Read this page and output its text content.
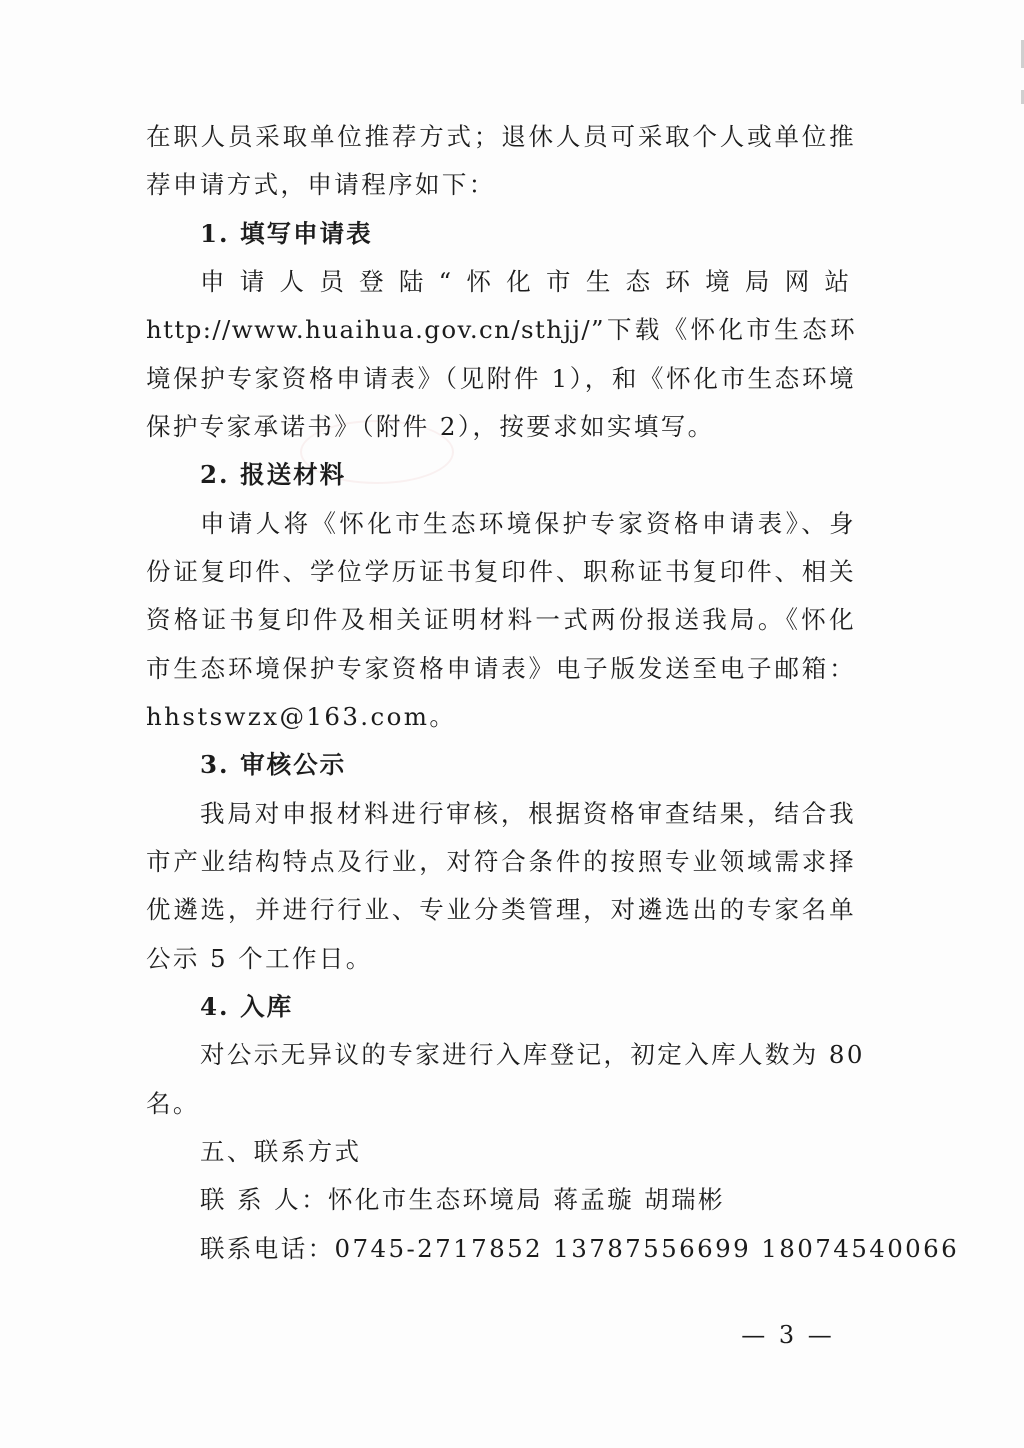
在职人员采取单位推荐方式；退休人员可采取个人或单位推
荐申请方式，申请程序如下：
1. 填写申请表
申请人员登陆“怀化市生态环境局网站
http://www.huaihua.gov.cn/sthjj/”下载《怀化市生态环
境保护专家资格申请表》（见附件 1），和《怀化市生态环境
保护专家承诺书》（附件 2），按要求如实填写。
2. 报送材料
申请人将《怀化市生态环境保护专家资格申请表》、身
份证复印件、学位学历证书复印件、职称证书复印件、相关
资格证书复印件及相关证明材料一式两份报送我局。《怀化
市生态环境保护专家资格申请表》电子版发送至电子邮箱：
hhstswzx@163.com。
3. 审核公示
我局对申报材料进行审核，根据资格审查结果，结合我
市产业结构特点及行业，对符合条件的按照专业领域需求择
优遴选，并进行行业、专业分类管理，对遴选出的专家名单
公示 5 个工作日。
4. 入库
对公示无异议的专家进行入库登记，初定入库人数为 80
名。
五、联系方式
联 系 人：怀化市生态环境局 蒋孟璇 胡瑞彬
联系电话：0745-2717852 13787556699 18074540066
— 3 —
